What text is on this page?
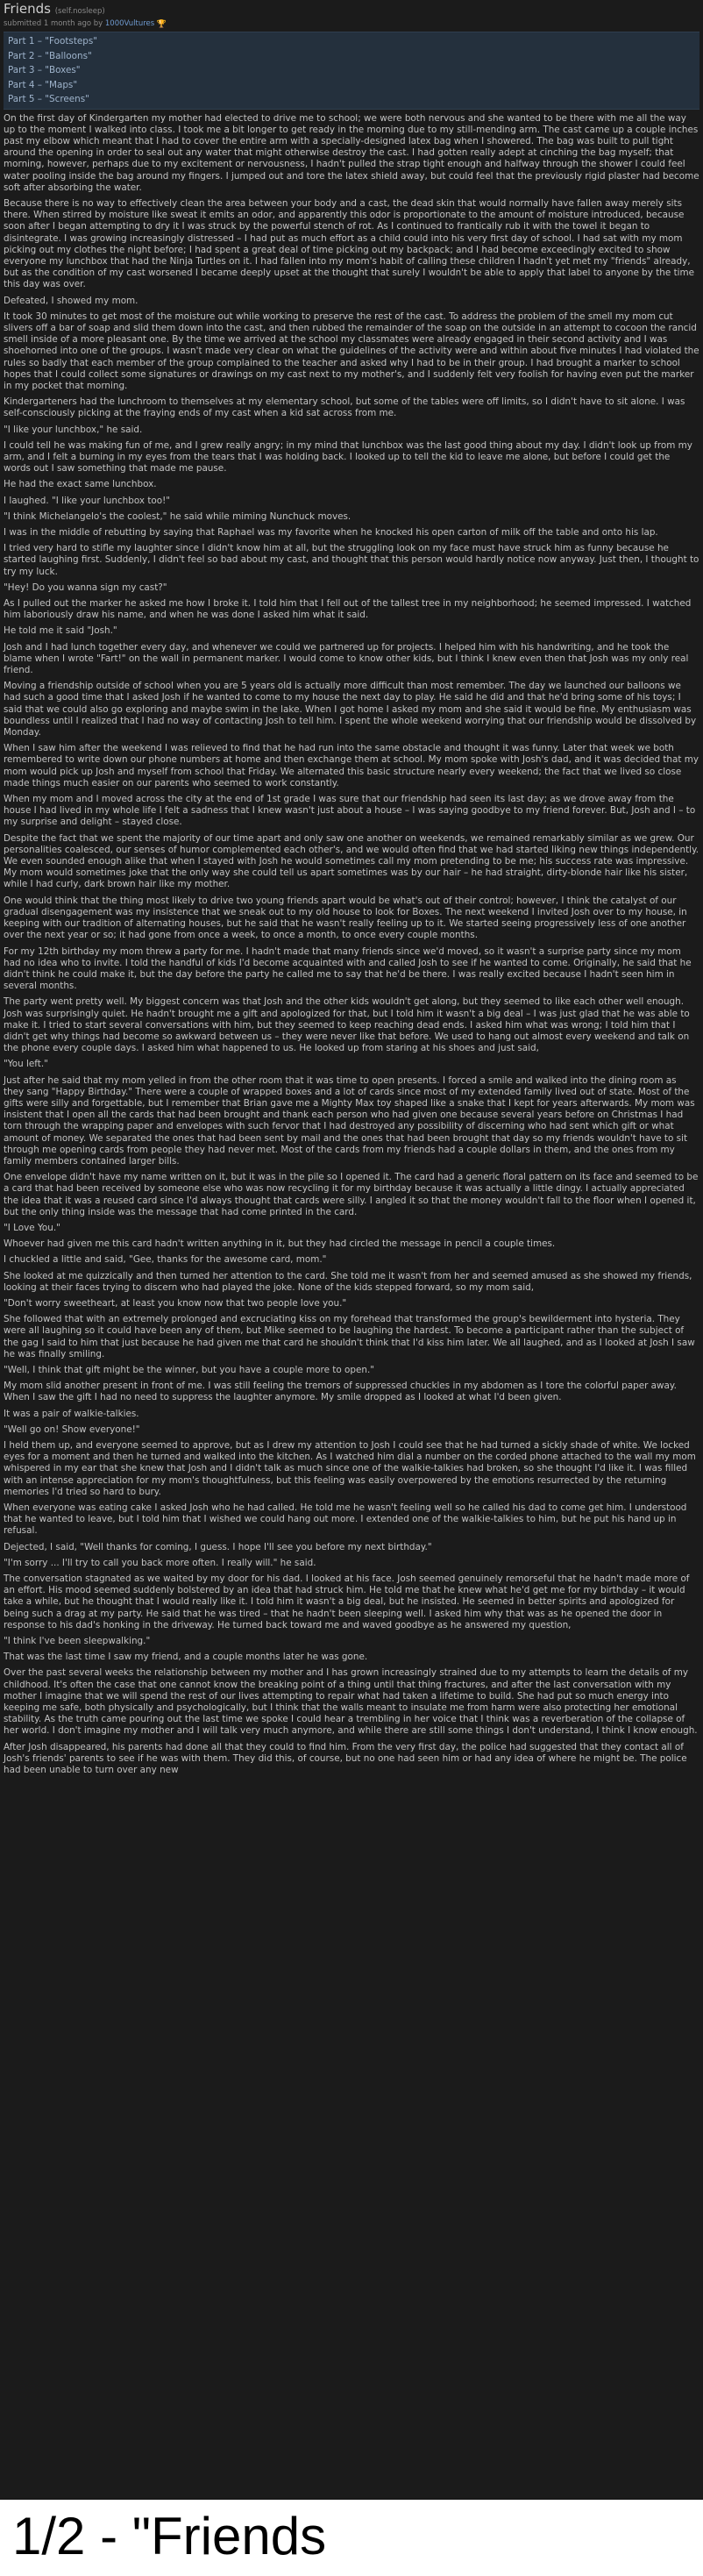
Friends (self.nosleep)
submitted 1 month ago by 1000Vultures 🏆
Part 1 – "Footsteps"
Part 2 – "Balloons"
Part 3 – "Boxes"
Part 4 – "Maps"
Part 5 – "Screens"

On the first day of Kindergarten my mother had elected to drive me to school; we were both nervous and she wanted to be there with me all the way up to the moment I walked into class. I took me a bit longer to get ready in the morning due to my still-mending arm. The cast came up a couple inches past my elbow which meant that I had to cover the entire arm with a specially-designed latex bag when I showered. The bag was built to pull tight around the opening in order to seal out any water that might otherwise destroy the cast. I had gotten really adept at cinching the bag myself; that morning, however, perhaps due to my excitement or nervousness, I hadn't pulled the strap tight enough and halfway through the shower I could feel water pooling inside the bag around my fingers. I jumped out and tore the latex shield away, but could feel that the previously rigid plaster had become soft after absorbing the water.

Because there is no way to effectively clean the area between your body and a cast, the dead skin that would normally have fallen away merely sits there. When stirred by moisture like sweat it emits an odor, and apparently this odor is proportionate to the amount of moisture introduced, because soon after I began attempting to dry it I was struck by the powerful stench of rot. As I continued to frantically rub it with the towel it began to disintegrate. I was growing increasingly distressed – I had put as much effort as a child could into his very first day of school. I had sat with my mom picking out my clothes the night before; I had spent a great deal of time picking out my backpack; and I had become exceedingly excited to show everyone my lunchbox that had the Ninja Turtles on it. I had fallen into my mom's habit of calling these children I hadn't yet met my "friends" already, but as the condition of my cast worsened I became deeply upset at the thought that surely I wouldn't be able to apply that label to anyone by the time this day was over.

Defeated, I showed my mom.

It took 30 minutes to get most of the moisture out while working to preserve the rest of the cast. To address the problem of the smell my mom cut slivers off a bar of soap and slid them down into the cast, and then rubbed the remainder of the soap on the outside in an attempt to cocoon the rancid smell inside of a more pleasant one. By the time we arrived at the school my classmates were already engaged in their second activity and I was shoehorned into one of the groups. I wasn't made very clear on what the guidelines of the activity were and within about five minutes I had violated the rules so badly that each member of the group complained to the teacher and asked why I had to be in their group. I had brought a marker to school hopes that I could collect some signatures or drawings on my cast next to my mother's, and I suddenly felt very foolish for having even put the marker in my pocket that morning.

Kindergarteners had the lunchroom to themselves at my elementary school, but some of the tables were off limits, so I didn't have to sit alone. I was self-consciously picking at the fraying ends of my cast when a kid sat across from me.

"I like your lunchbox," he said.

I could tell he was making fun of me, and I grew really angry; in my mind that lunchbox was the last good thing about my day. I didn't look up from my arm, and I felt a burning in my eyes from the tears that I was holding back. I looked up to tell the kid to leave me alone, but before I could get the words out I saw something that made me pause.

He had the exact same lunchbox.

I laughed. "I like your lunchbox too!"

"I think Michelangelo's the coolest," he said while miming Nunchuck moves.

I was in the middle of rebutting by saying that Raphael was my favorite when he knocked his open carton of milk off the table and onto his lap.

I tried very hard to stifle my laughter since I didn't know him at all, but the struggling look on my face must have struck him as funny because he started laughing first. Suddenly, I didn't feel so bad about my cast, and thought that this person would hardly notice now anyway. Just then, I thought to try my luck.

"Hey! Do you wanna sign my cast?"

As I pulled out the marker he asked me how I broke it. I told him that I fell out of the tallest tree in my neighborhood; he seemed impressed. I watched him laboriously draw his name, and when he was done I asked him what it said.

He told me it said "Josh."

Josh and I had lunch together every day, and whenever we could we partnered up for projects. I helped him with his handwriting, and he took the blame when I wrote "Fart!" on the wall in permanent marker. I would come to know other kids, but I think I knew even then that Josh was my only real friend.

Moving a friendship outside of school when you are 5 years old is actually more difficult than most remember. The day we launched our balloons we had such a good time that I asked Josh if he wanted to come to my house the next day to play. He said he did and that he'd bring some of his toys; I said that we could also go exploring and maybe swim in the lake. When I got home I asked my mom and she said it would be fine. My enthusiasm was boundless until I realized that I had no way of contacting Josh to tell him. I spent the whole weekend worrying that our friendship would be dissolved by Monday.

When I saw him after the weekend I was relieved to find that he had run into the same obstacle and thought it was funny. Later that week we both remembered to write down our phone numbers at home and then exchange them at school. My mom spoke with Josh's dad, and it was decided that my mom would pick up Josh and myself from school that Friday. We alternated this basic structure nearly every weekend; the fact that we lived so close made things much easier on our parents who seemed to work constantly.

When my mom and I moved across the city at the end of 1st grade I was sure that our friendship had seen its last day; as we drove away from the house I had lived in my whole life I felt a sadness that I knew wasn't just about a house – I was saying goodbye to my friend forever. But, Josh and I – to my surprise and delight – stayed close.

Despite the fact that we spent the majority of our time apart and only saw one another on weekends, we remained remarkably similar as we grew. Our personalities coalesced, our senses of humor complemented each other's, and we would often find that we had started liking new things independently. We even sounded enough alike that when I stayed with Josh he would sometimes call my mom pretending to be me; his success rate was impressive. My mom would sometimes joke that the only way she could tell us apart sometimes was by our hair – he had straight, dirty-blonde hair like his sister, while I had curly, dark brown hair like my mother.

One would think that the thing most likely to drive two young friends apart would be what's out of their control; however, I think the catalyst of our gradual disengagement was my insistence that we sneak out to my old house to look for Boxes. The next weekend I invited Josh over to my house, in keeping with our tradition of alternating houses, but he said that he wasn't really feeling up to it. We started seeing progressively less of one another over the next year or so; it had gone from once a week, to once a month, to once every couple months.

For my 12th birthday my mom threw a party for me. I hadn't made that many friends since we'd moved, so it wasn't a surprise party since my mom had no idea who to invite. I told the handful of kids I'd become acquainted with and called Josh to see if he wanted to come. Originally, he said that he didn't think he could make it, but the day before the party he called me to say that he'd be there. I was really excited because I hadn't seen him in several months.

The party went pretty well. My biggest concern was that Josh and the other kids wouldn't get along, but they seemed to like each other well enough. Josh was surprisingly quiet. He hadn't brought me a gift and apologized for that, but I told him it wasn't a big deal – I was just glad that he was able to make it. I tried to start several conversations with him, but they seemed to keep reaching dead ends. I asked him what was wrong; I told him that I didn't get why things had become so awkward between us – they were never like that before. We used to hang out almost every weekend and talk on the phone every couple days. I asked him what happened to us. He looked up from staring at his shoes and just said,

"You left."

Just after he said that my mom yelled in from the other room that it was time to open presents. I forced a smile and walked into the dining room as they sang "Happy Birthday." There were a couple of wrapped boxes and a lot of cards since most of my extended family lived out of state. Most of the gifts were silly and forgettable, but I remember that Brian gave me a Mighty Max toy shaped like a snake that I kept for years afterwards. My mom was insistent that I open all the cards that had been brought and thank each person who had given one because several years before on Christmas I had torn through the wrapping paper and envelopes with such fervor that I had destroyed any possibility of discerning who had sent which gift or what amount of money. We separated the ones that had been sent by mail and the ones that had been brought that day so my friends wouldn't have to sit through me opening cards from people they had never met. Most of the cards from my friends had a couple dollars in them, and the ones from my family members contained larger bills.

One envelope didn't have my name written on it, but it was in the pile so I opened it. The card had a generic floral pattern on its face and seemed to be a card that had been received by someone else who was now recycling it for my birthday because it was actually a little dingy. I actually appreciated the idea that it was a reused card since I'd always thought that cards were silly. I angled it so that the money wouldn't fall to the floor when I opened it, but the only thing inside was the message that had come printed in the card.

"I Love You."

Whoever had given me this card hadn't written anything in it, but they had circled the message in pencil a couple times.

I chuckled a little and said, "Gee, thanks for the awesome card, mom."

She looked at me quizzically and then turned her attention to the card. She told me it wasn't from her and seemed amused as she showed my friends, looking at their faces trying to discern who had played the joke. None of the kids stepped forward, so my mom said,

"Don't worry sweetheart, at least you know now that two people love you."

She followed that with an extremely prolonged and excruciating kiss on my forehead that transformed the group's bewilderment into hysteria. They were all laughing so it could have been any of them, but Mike seemed to be laughing the hardest. To become a participant rather than the subject of the gag I said to him that just because he had given me that card he shouldn't think that I'd kiss him later. We all laughed, and as I looked at Josh I saw he was finally smiling.

"Well, I think that gift might be the winner, but you have a couple more to open."

My mom slid another present in front of me. I was still feeling the tremors of suppressed chuckles in my abdomen as I tore the colorful paper away. When I saw the gift I had no need to suppress the laughter anymore. My smile dropped as I looked at what I'd been given.

It was a pair of walkie-talkies.

"Well go on! Show everyone!"

I held them up, and everyone seemed to approve, but as I drew my attention to Josh I could see that he had turned a sickly shade of white. We locked eyes for a moment and then he turned and walked into the kitchen. As I watched him dial a number on the corded phone attached to the wall my mom whispered in my ear that she knew that Josh and I didn't talk as much since one of the walkie-talkies had broken, so she thought I'd like it. I was filled with an intense appreciation for my mom's thoughtfulness, but this feeling was easily overpowered by the emotions resurrected by the returning memories I'd tried so hard to bury.

When everyone was eating cake I asked Josh who he had called. He told me he wasn't feeling well so he called his dad to come get him. I understood that he wanted to leave, but I told him that I wished we could hang out more. I extended one of the walkie-talkies to him, but he put his hand up in refusal.

Dejected, I said, "Well thanks for coming, I guess. I hope I'll see you before my next birthday."

"I'm sorry ... I'll try to call you back more often. I really will." he said.

The conversation stagnated as we waited by my door for his dad. I looked at his face. Josh seemed genuinely remorseful that he hadn't made more of an effort. His mood seemed suddenly bolstered by an idea that had struck him. He told me that he knew what he'd get me for my birthday – it would take a while, but he thought that I would really like it. I told him it wasn't a big deal, but he insisted. He seemed in better spirits and apologized for being such a drag at my party. He said that he was tired – that he hadn't been sleeping well. I asked him why that was as he opened the door in response to his dad's honking in the driveway. He turned back toward me and waved goodbye as he answered my question,

"I think I've been sleepwalking."

That was the last time I saw my friend, and a couple months later he was gone.

Over the past several weeks the relationship between my mother and I has grown increasingly strained due to my attempts to learn the details of my childhood. It's often the case that one cannot know the breaking point of a thing until that thing fractures, and after the last conversation with my mother I imagine that we will spend the rest of our lives attempting to repair what had taken a lifetime to build. She had put so much energy into keeping me safe, both physically and psychologically, but I think that the walls meant to insulate me from harm were also protecting her emotional stability. As the truth came pouring out the last time we spoke I could hear a trembling in her voice that I think was a reverberation of the collapse of her world. I don't imagine my mother and I will talk very much anymore, and while there are still some things I don't understand, I think I know enough.

After Josh disappeared, his parents had done all that they could to find him. From the very first day, the police had suggested that they contact all of Josh's friends' parents to see if he was with them. They did this, of course, but no one had seen him or had any idea of where he might be. The police had been unable to turn over any new

1/2 - "Friends
